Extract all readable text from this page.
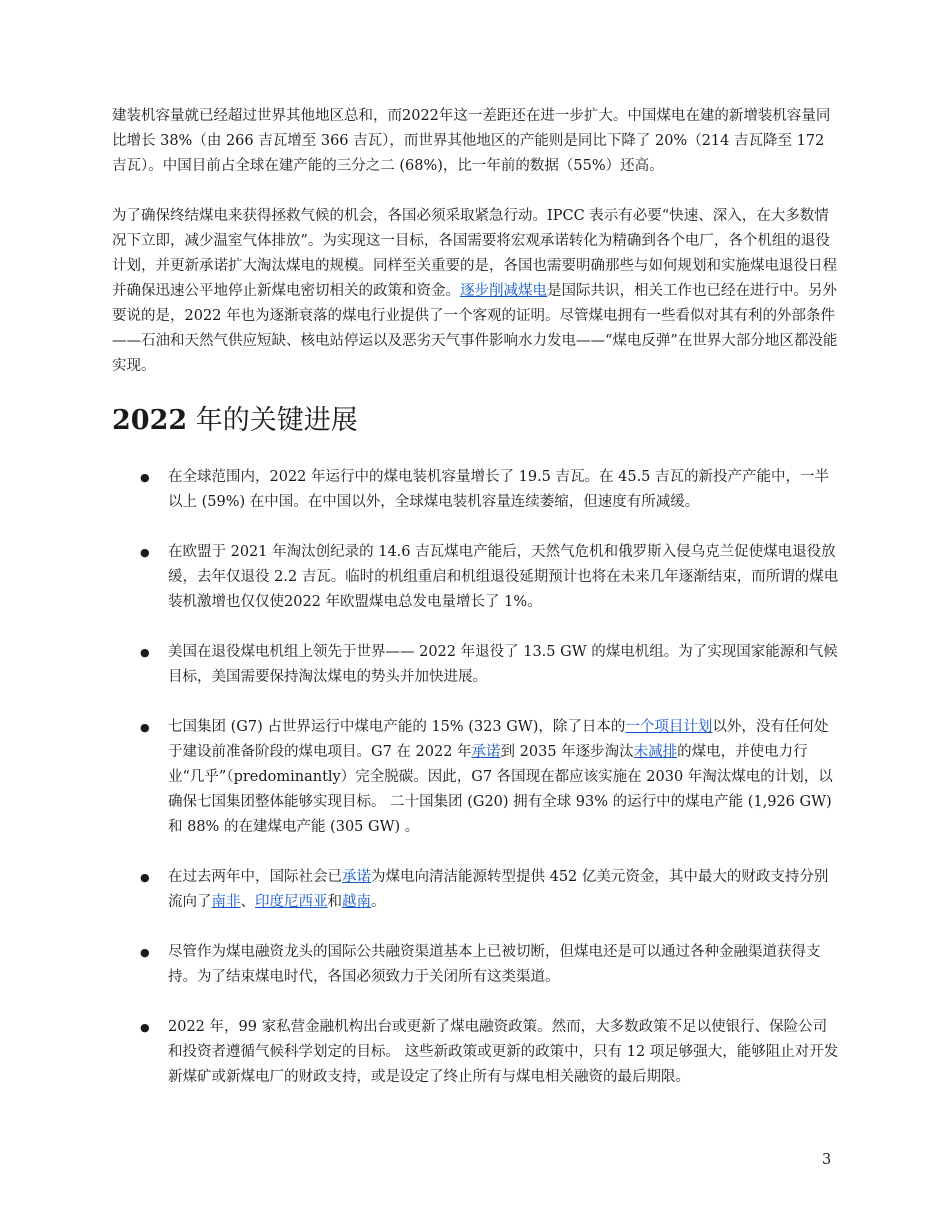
建装机容量就已经超过世界其他地区总和，而2022年这一差距还在进一步扩大。中国煤电在建的新增装机容量同比增长 38%（由 266 吉瓦增至 366 吉瓦），而世界其他地区的产能则是同比下降了 20%（214 吉瓦降至 172 吉瓦）。中国目前占全球在建产能的三分之二 (68%)，比一年前的数据（55%）还高。

为了确保终结煤电来获得拯救气候的机会，各国必须采取紧急行动。IPCC 表示有必要“快速、深入，在大多数情况下立即，减少温室气体排放”。为实现这一目标，各国需要将宏观承诺转化为精确到各个电厂，各个机组的退役计划，并更新承诺扩大淘汰煤电的规模。同样至关重要的是，各国也需要明确那些与如何规划和实施煤电退役日程并确保迅速公平地停止新煤电密切相关的政策和资金。逐步削减煤电是国际共识，相关工作也已经在进行中。另外要说的是，2022 年也为逐渐衰落的煤电行业提供了一个客观的证明。尽管煤电拥有一些看似对其有利的外部条件——石油和天然气供应短缺、核电站停运以及恶劣天气事件影响水力发电——“煤电反弹”在世界大部分地区都没能实现。

2022 年的关键进展
● 在全球范围内，2022 年运行中的煤电装机容量增长了 19.5 吉瓦。在 45.5 吉瓦的新投产产能中，一半以上 (59%) 在中国。在中国以外，全球煤电装机容量连续萎缩，但速度有所减缓。
● 在欧盟于 2021 年淘汰创纪录的 14.6 吉瓦煤电产能后，天然气危机和俄罗斯入侵乌克兰促使煤电退役放缓，去年仅退役 2.2 吉瓦。临时的机组重启和机组退役延期预计也将在未来几年逐渐结束，而所谓的煤电装机激增也仅仅使2022 年欧盟煤电总发电量增长了 1%。
● 美国在退役煤电机组上领先于世界—— 2022 年退役了 13.5 GW 的煤电机组。为了实现国家能源和气候目标，美国需要保持淘汰煤电的势头并加快进展。
● 七国集团 (G7) 占世界运行中煤电产能的 15% (323 GW)，除了日本的一个项目计划以外，没有任何处于建设前准备阶段的煤电项目。G7 在 2022 年承诺到 2035 年逐步淘汰未减排的煤电，并使电力行业“几乎”（predominantly）完全脱碳。因此，G7 各国现在都应该实施在 2030 年淘汰煤电的计划，以确保七国集团整体能够实现目标。 二十国集团 (G20) 拥有全球 93% 的运行中的煤电产能 (1,926 GW) 和 88% 的在建煤电产能 (305 GW) 。
● 在过去两年中，国际社会已承诺为煤电向清洁能源转型提供 452 亿美元资金，其中最大的财政支持分别流向了南非、印度尼西亚和越南。
● 尽管作为煤电融资龙头的国际公共融资渠道基本上已被切断，但煤电还是可以通过各种金融渠道获得支持。为了结束煤电时代，各国必须致力于关闭所有这类渠道。
● 2022 年，99 家私营金融机构出台或更新了煤电融资政策。然而，大多数政策不足以使银行、保险公司和投资者遵循气候科学划定的目标。 这些新政策或更新的政策中，只有 12 项足够强大，能够阻止对开发新煤矿或新煤电厂的财政支持，或是设定了终止所有与煤电相关融资的最后期限。
3
